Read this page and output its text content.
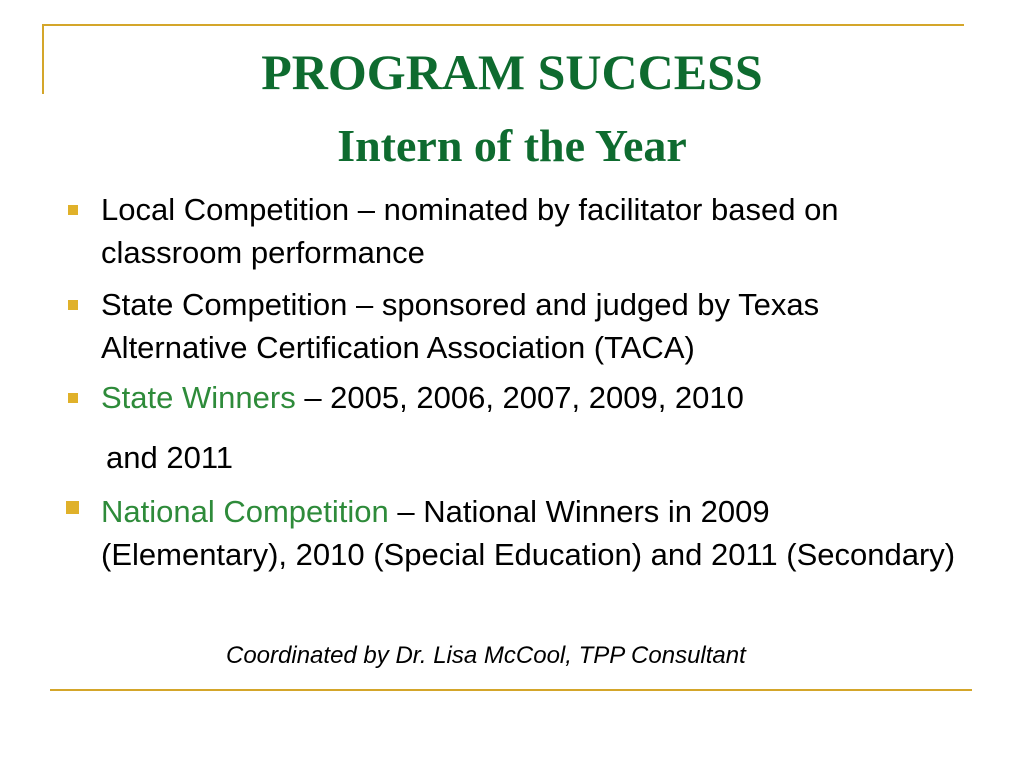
PROGRAM SUCCESS
Intern of the Year
Local Competition – nominated by facilitator based on classroom performance
State Competition – sponsored and judged by Texas Alternative Certification Association (TACA)
State Winners – 2005, 2006, 2007, 2009, 2010
and 2011
National Competition – National Winners in 2009 (Elementary), 2010 (Special Education) and 2011 (Secondary)
Coordinated by Dr. Lisa McCool, TPP Consultant
